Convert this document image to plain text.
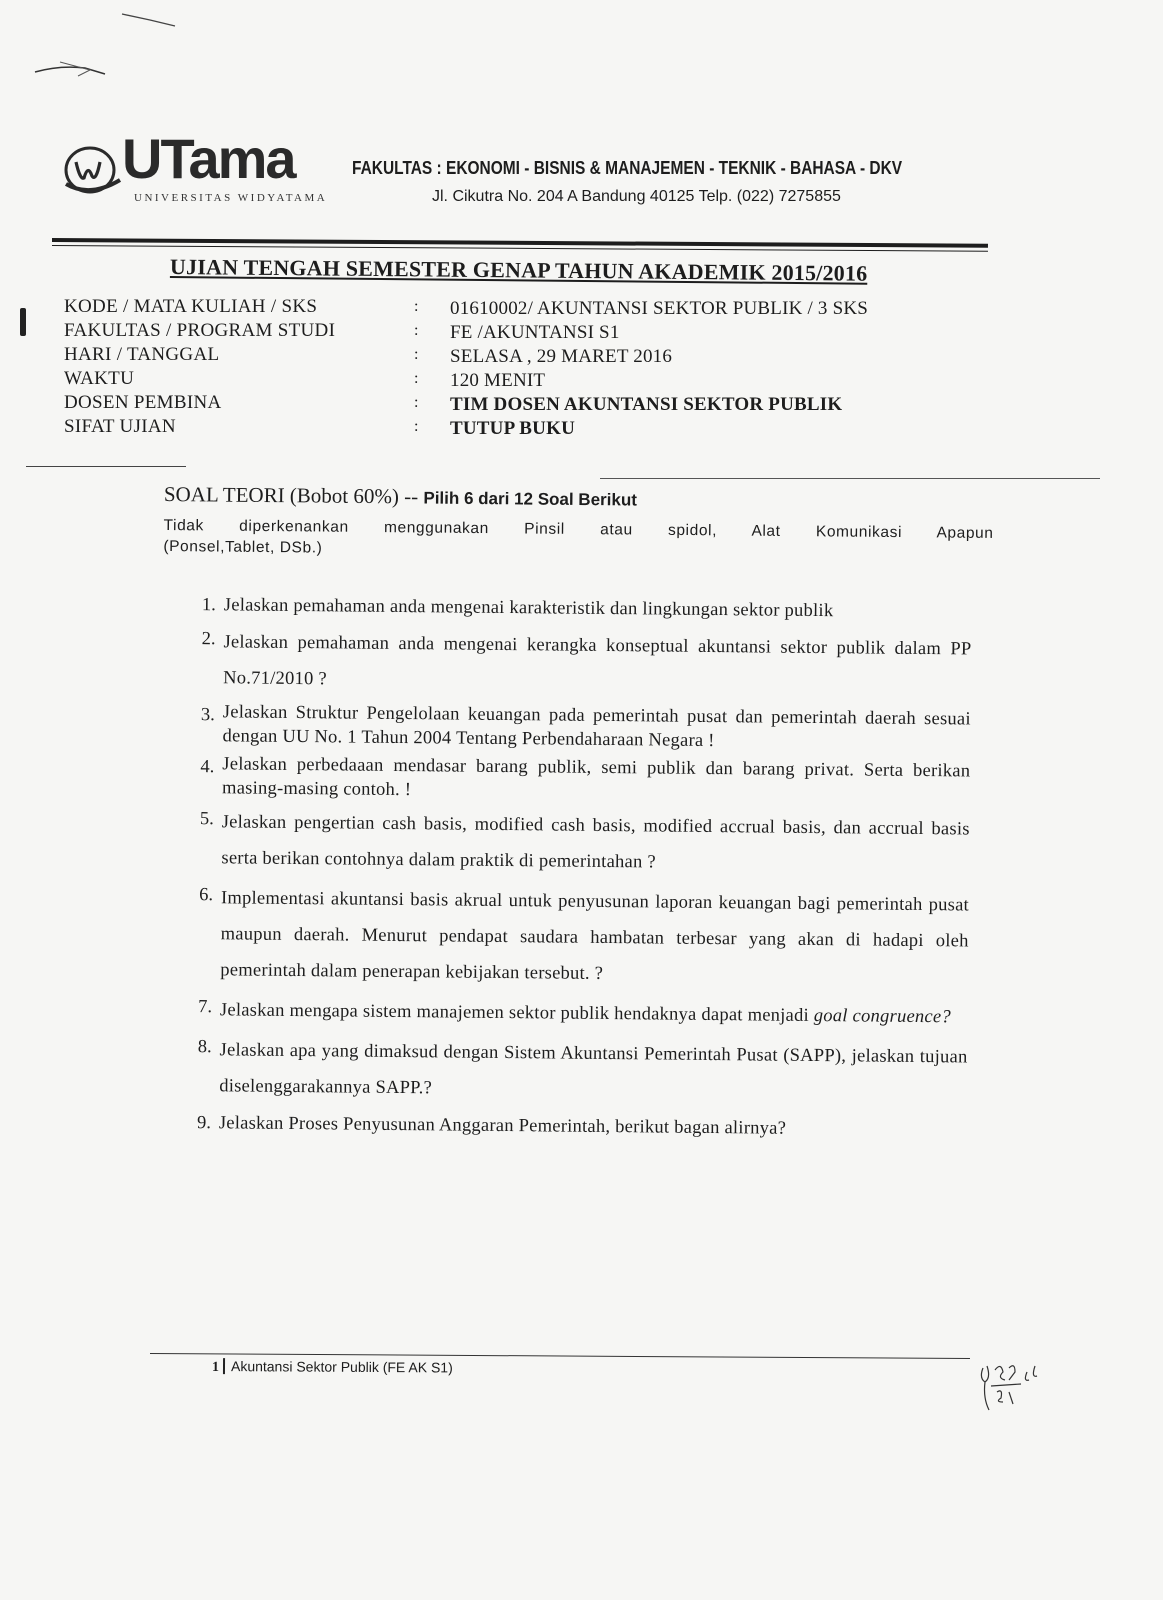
UTama
UNIVERSITAS WIDYATAMA
FAKULTAS : EKONOMI - BISNIS & MANAJEMEN - TEKNIK - BAHASA - DKV
Jl. Cikutra No. 204 A Bandung 40125 Telp. (022) 7275855
UJIAN TENGAH SEMESTER GENAP TAHUN AKADEMIK 2015/2016
KODE / MATA KULIAH / SKS	: 01610002/ AKUNTANSI SEKTOR PUBLIK / 3 SKS
FAKULTAS / PROGRAM STUDI	: FE /AKUNTANSI S1
HARI / TANGGAL	: SELASA , 29 MARET 2016
WAKTU	: 120 MENIT
DOSEN PEMBINA	: TIM DOSEN AKUNTANSI SEKTOR PUBLIK
SIFAT UJIAN	: TUTUP BUKU
SOAL TEORI (Bobot 60%) -- Pilih 6 dari 12 Soal Berikut
Tidak diperkenankan menggunakan Pinsil atau spidol, Alat Komunikasi Apapun
(Ponsel,Tablet, DSb.)
1. Jelaskan pemahaman anda mengenai karakteristik dan lingkungan sektor publik
2. Jelaskan pemahaman anda mengenai kerangka konseptual akuntansi sektor publik dalam PP No.71/2010 ?
3. Jelaskan Struktur Pengelolaan keuangan pada pemerintah pusat dan pemerintah daerah sesuai dengan UU No. 1 Tahun 2004 Tentang Perbendaharaan Negara !
4. Jelaskan perbedaaan mendasar barang publik, semi publik dan barang privat. Serta berikan masing-masing contoh. !
5. Jelaskan pengertian cash basis, modified cash basis, modified accrual basis, dan accrual basis serta berikan contohnya dalam praktik di pemerintahan ?
6. Implementasi akuntansi basis akrual untuk penyusunan laporan keuangan bagi pemerintah pusat maupun daerah. Menurut pendapat saudara hambatan terbesar yang akan di hadapi oleh pemerintah dalam penerapan kebijakan tersebut. ?
7. Jelaskan mengapa sistem manajemen sektor publik hendaknya dapat menjadi goal congruence?
8. Jelaskan apa yang dimaksud dengan Sistem Akuntansi Pemerintah Pusat (SAPP), jelaskan tujuan diselenggarakannya SAPP.?
9. Jelaskan Proses Penyusunan Anggaran Pemerintah, berikut bagan alirnya?
1 Akuntansi Sektor Publik (FE AK S1)
